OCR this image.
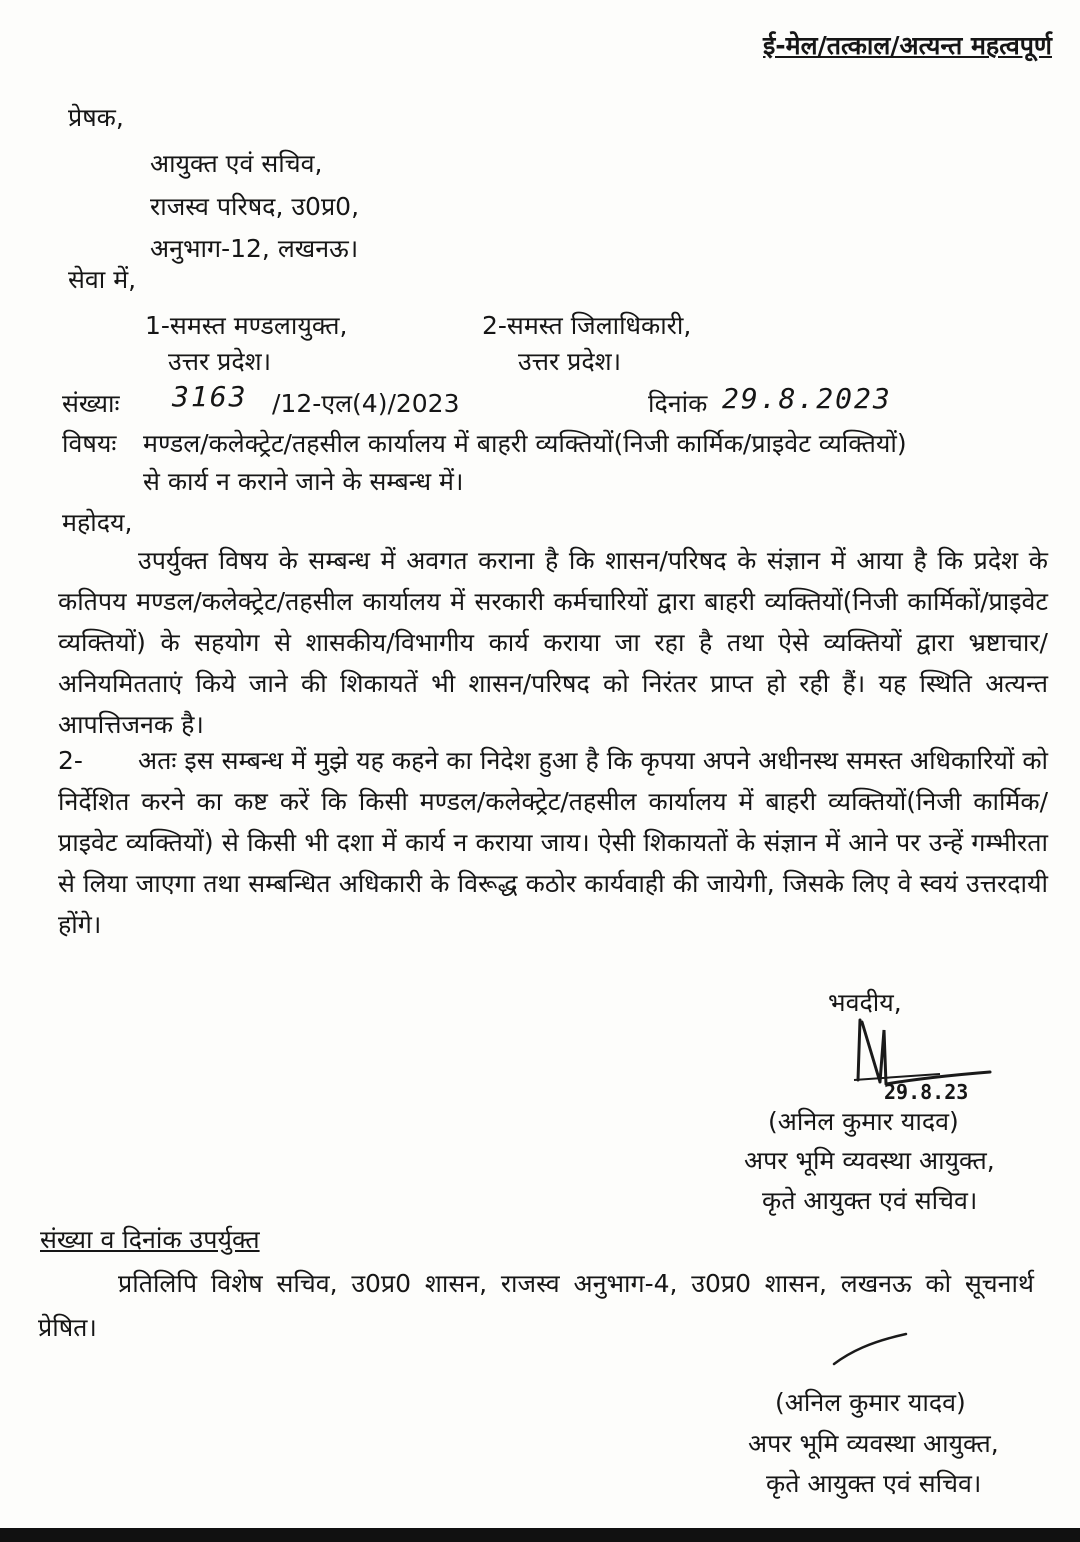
ई-मेल/तत्काल/अत्यन्त महत्वपूर्ण
प्रेषक,
आयुक्त एवं सचिव,
राजस्व परिषद, उ0प्र0,
अनुभाग-12, लखनऊ।
सेवा में,
1-समस्त मण्डलायुक्त,
उत्तर प्रदेश।
2-समस्त जिलाधिकारी,
उत्तर प्रदेश।
संख्याः 3163 /12-एल(4)/2023	दिनांक 29.8.2023
विषयः मण्डल/कलेक्ट्रेट/तहसील कार्यालय में बाहरी व्यक्तियों(निजी कार्मिक/प्राइवेट व्यक्तियों)
से कार्य न कराने जाने के सम्बन्ध में।
महोदय,
उपर्युक्त विषय के सम्बन्ध में अवगत कराना है कि शासन/परिषद के संज्ञान में आया है कि प्रदेश के कतिपय मण्डल/कलेक्ट्रेट/तहसील कार्यालय में सरकारी कर्मचारियों द्वारा बाहरी व्यक्तियों(निजी कार्मिकों/प्राइवेट व्यक्तियों) के सहयोग से शासकीय/विभागीय कार्य कराया जा रहा है तथा ऐसे व्यक्तियों द्वारा भ्रष्टाचार/अनियमितताएं किये जाने की शिकायतें भी शासन/परिषद को निरंतर प्राप्त हो रही हैं। यह स्थिति अत्यन्त आपत्तिजनक है।
2- अतः इस सम्बन्ध में मुझे यह कहने का निदेश हुआ है कि कृपया अपने अधीनस्थ समस्त अधिकारियों को निर्देशित करने का कष्ट करें कि किसी मण्डल/कलेक्ट्रेट/तहसील कार्यालय में बाहरी व्यक्तियों(निजी कार्मिक/प्राइवेट व्यक्तियों) से किसी भी दशा में कार्य न कराया जाय। ऐसी शिकायतों के संज्ञान में आने पर उन्हें गम्भीरता से लिया जाएगा तथा सम्बन्धित अधिकारी के विरूद्ध कठोर कार्यवाही की जायेगी, जिसके लिए वे स्वयं उत्तरदायी होंगे।
भवदीय,
29.8.23
(अनिल कुमार यादव)
अपर भूमि व्यवस्था आयुक्त,
कृते आयुक्त एवं सचिव।
संख्या व दिनांक उपर्युक्त
प्रतिलिपि विशेष सचिव, उ0प्र0 शासन, राजस्व अनुभाग-4, उ0प्र0 शासन, लखनऊ को सूचनार्थ प्रेषित।
(अनिल कुमार यादव)
अपर भूमि व्यवस्था आयुक्त,
कृते आयुक्त एवं सचिव।
